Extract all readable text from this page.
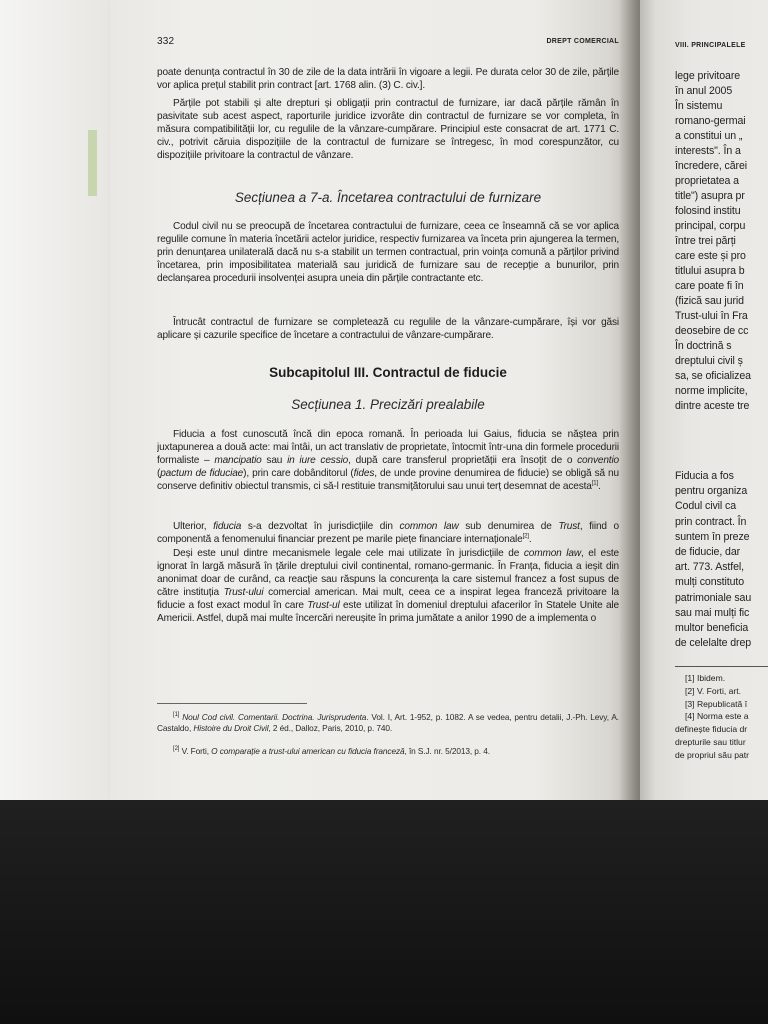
332	DREPT COMERCIAL

poate denunța contractul în 30 de zile de la data intrării în vigoare a legii. Pe durata celor 30 de zile, părțile vor aplica prețul stabilit prin contract [art. 1768 alin. (3) C. civ.].

Părțile pot stabili și alte drepturi și obligații prin contractul de furnizare, iar dacă părțile rămân în pasivitate sub acest aspect, raporturile juridice izvorâte din contractul de furnizare se vor completa, în măsura compatibilității lor, cu regulile de la vânzare-cumpărare. Principiul este consacrat de art. 1771 C. civ., potrivit căruia dispozițiile de la contractul de furnizare se întregesc, în mod corespunzător, cu dispozițiile privitoare la contractul de vânzare.

Secțiunea a 7-a. Încetarea contractului de furnizare

Codul civil nu se preocupă de încetarea contractului de furnizare, ceea ce înseamnă că se vor aplica regulile comune în materia încetării actelor juridice, respectiv furnizarea va înceta prin ajungerea la termen, prin denunțarea unilaterală dacă nu s-a stabilit un termen contractual, prin voința comună a părților privind încetarea, prin imposibilitatea materială sau juridică de furnizare sau de recepție a bunurilor, prin declanșarea procedurii insolvenței asupra uneia din părțile contractante etc.

Întrucât contractul de furnizare se completează cu regulile de la vânzare-cumpărare, își vor găsi aplicare și cazurile specifice de încetare a contractului de vânzare-cumpărare.

Subcapitolul III. Contractul de fiducie
Secțiunea 1. Precizări prealabile
Fiducia a fost cunoscută încă din epoca romană. În perioada lui Gaius, fiducia se năștea prin juxtapunerea a două acte: mai întâi, un act translativ de proprietate, întocmit într-una din formele procedurii formaliste – mancipatio sau in iure cessio, după care transferul proprietății era însoțit de o conventio (pactum de fiduciae), prin care dobânditorul (fides, de unde provine denumirea de fiducie) se obligă să nu conserve definitiv obiectul transmis, ci să-l restituie transmițătorului sau unui terț desemnat de acesta[1].
Ulterior, fiducia s-a dezvoltat în jurisdicțiile din common law sub denumirea de Trust, fiind o componentă a fenomenului financiar prezent pe marile piețe financiare internaționale[2].
Deși este unul dintre mecanismele legale cele mai utilizate în jurisdicțiile de common law, el este ignorat în largă măsură în țările dreptului civil continental, romano-germanic. În Franța, fiducia a ieșit din anonimat doar de curând, ca reacție sau răspuns la concurența la care sistemul francez a fost supus de către instituția Trust-ului comercial american. Mai mult, ceea ce a inspirat legea franceză privitoare la fiducie a fost exact modul în care Trust-ul este utilizat în domeniul dreptului afacerilor în Statele Unite ale Americii. Astfel, după mai multe încercări nereușite în prima jumătate a anilor 1990 de a implementa o
[1] Noul Cod civil. Comentarii. Doctrina. Jurisprudenta. Vol. I, Art. 1-952, p. 1082. A se vedea, pentru detalii, J.-Ph. Levy, A. Castaldo, Histoire du Droit Civil, 2 éd., Dalloz, Paris, 2010, p. 740.
[2] V. Forti, O comparație a trust-ului american cu fiducia franceză, în S.J. nr. 5/2013, p. 4.
VIII. PRINCIPALELE
lege privitoare
în anul 2005
În sistemu
romano-germai
a constitui un „
interests". În a
încredere, cărei
proprietatea a
title") asupra pr
folosind institu
principal, corpu
între trei părți
care este și pro
titlului asupra b
care poate fi în
(fizică sau jurid
Trust-ului în Fra
deosebire de cc
În doctrină s
dreptului civil ș
sa, se oficializea
norme implicite,
dintre aceste tre
Fiducia a fos
pentru organiza
Codul civil ca
prin contract. În
suntem în preze
de fiducie, dar
art. 773. Astfel,
mulți constituto
patrimoniale sau
sau mai mulți fic
multor beneficia
de celelalte drep
[1] Ibidem.
[2] V. Forti, art.
[3] Republicată î
[4] Norma este a
definește fiducia dr
drepturile sau titlur
de propriul său patr
